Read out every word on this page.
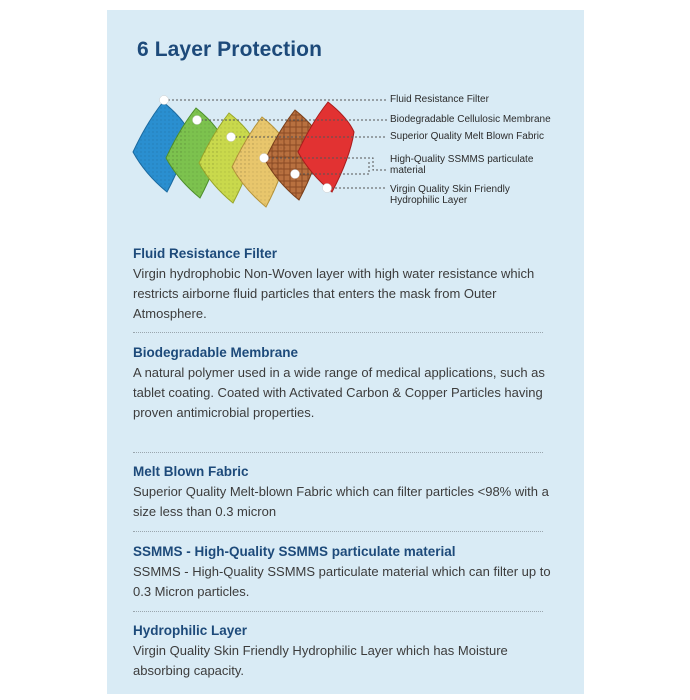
6 Layer Protection
Fluid Resistance Filter
Biodegradable Cellulosic Membrane
Superior Quality Melt Blown Fabric
High-Quality SSMMS particulate material
Virgin Quality Skin Friendly Hydrophilic Layer
Fluid Resistance Filter

Virgin hydrophobic Non-Woven layer with high water resistance which restricts airborne fluid particles that enters the mask from Outer Atmosphere.

Biodegradable Membrane

A natural polymer used in a wide range of medical applications, such as tablet coating. Coated with Activated Carbon & Copper Particles having proven antimicrobial properties.

Melt Blown Fabric

Superior Quality Melt-blown Fabric which can filter particles <98% with a size less than 0.3 micron

SSMMS - High-Quality SSMMS particulate material

SSMMS - High-Quality SSMMS particulate material which can filter up to 0.3 Micron particles.

Hydrophilic Layer

Virgin Quality Skin Friendly Hydrophilic Layer which has Moisture absorbing capacity.
